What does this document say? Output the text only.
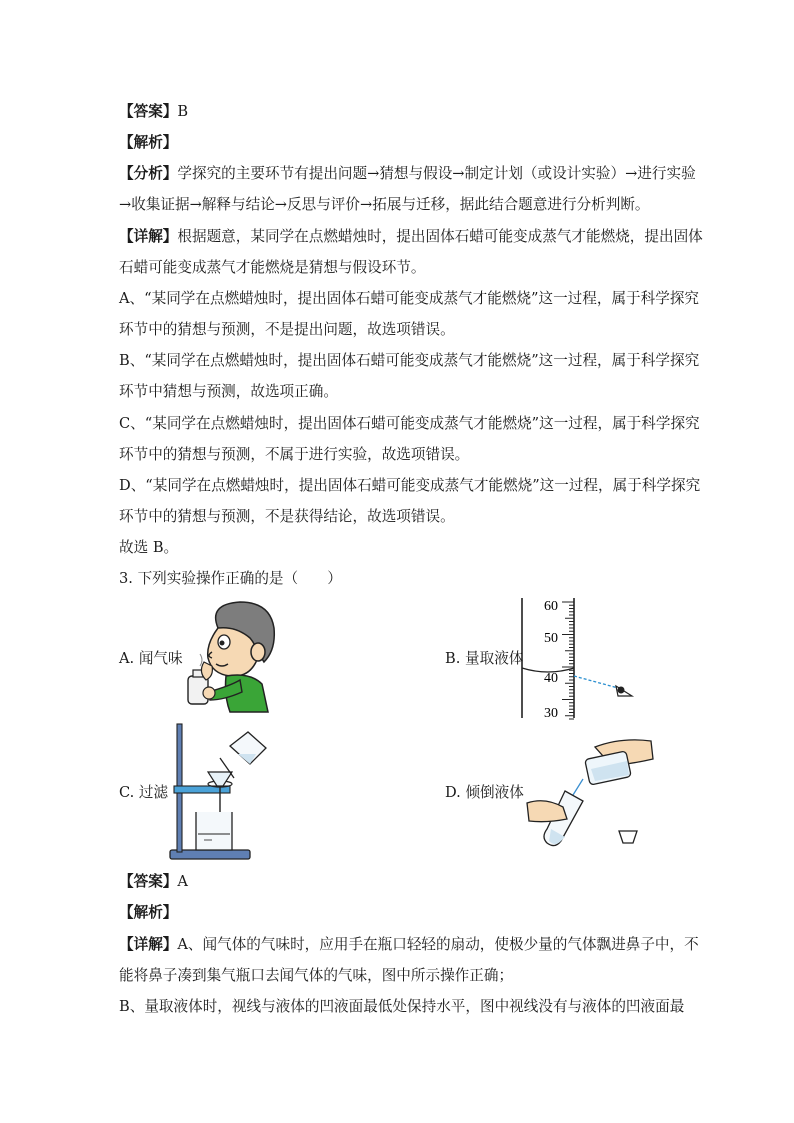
【答案】B
【解析】
【分析】学探究的主要环节有提出问题→猜想与假设→制定计划（或设计实验）→进行实验
→收集证据→解释与结论→反思与评价→拓展与迁移，据此结合题意进行分析判断。
【详解】根据题意，某同学在点燃蜡烛时，提出固体石蜡可能变成蒸气才能燃烧，提出固体
石蜡可能变成蒸气才能燃烧是猜想与假设环节。
A、“某同学在点燃蜡烛时，提出固体石蜡可能变成蒸气才能燃烧”这一过程，属于科学探究
环节中的猜想与预测，不是提出问题，故选项错误。
B、“某同学在点燃蜡烛时，提出固体石蜡可能变成蒸气才能燃烧”这一过程，属于科学探究
环节中猜想与预测，故选项正确。
C、“某同学在点燃蜡烛时，提出固体石蜡可能变成蒸气才能燃烧”这一过程，属于科学探究
环节中的猜想与预测，不属于进行实验，故选项错误。
D、“某同学在点燃蜡烛时，提出固体石蜡可能变成蒸气才能燃烧”这一过程，属于科学探究
环节中的猜想与预测，不是获得结论，故选项错误。
故选 B。
3. 下列实验操作正确的是（　　）
A. 闻气味	B. 量取液体
C. 过滤	D. 倾倒液体
60
50
40
30
【答案】A
【解析】
【详解】A、闻气体的气味时，应用手在瓶口轻轻的扇动，使极少量的气体飘进鼻子中，不
能将鼻子凑到集气瓶口去闻气体的气味，图中所示操作正确；
B、量取液体时，视线与液体的凹液面最低处保持水平，图中视线没有与液体的凹液面最
